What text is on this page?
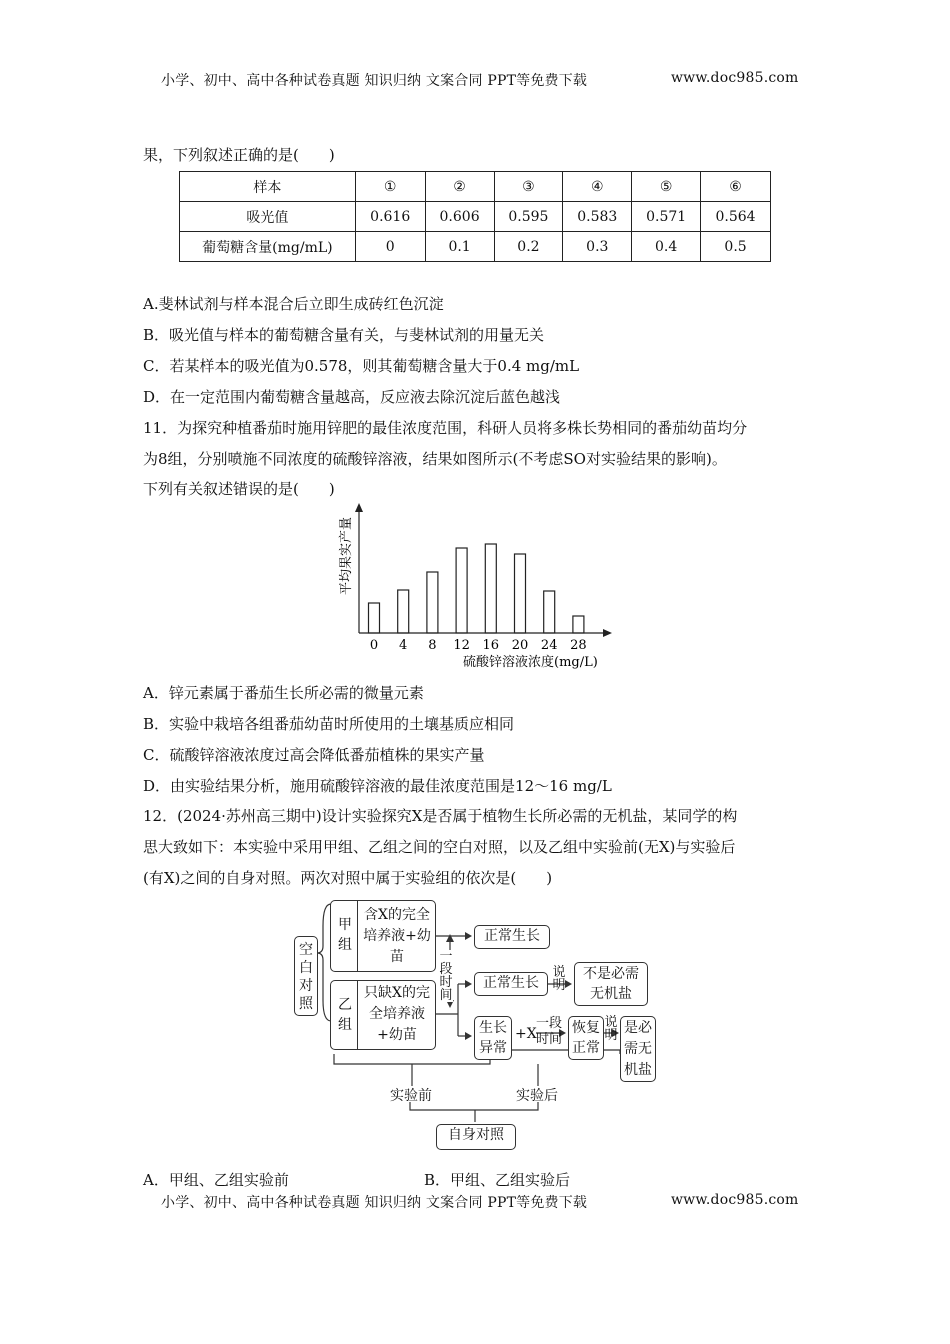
小学、初中、高中各种试卷真题 知识归纳 文案合同 PPT等免费下载	www.doc985.com
果，下列叙述正确的是(　　)
样本	①	②	③	④	⑤	⑥
吸光值	0.616	0.606	0.595	0.583	0.571	0.564
葡萄糖含量(mg/mL)	0	0.1	0.2	0.3	0.4	0.5
A.斐林试剂与样本混合后立即生成砖红色沉淀
B．吸光值与样本的葡萄糖含量有关，与斐林试剂的用量无关
C．若某样本的吸光值为0.578，则其葡萄糖含量大于0.4 mg/mL
D．在一定范围内葡萄糖含量越高，反应液去除沉淀后蓝色越浅
11．为探究种植番茄时施用锌肥的最佳浓度范围，科研人员将多株长势相同的番茄幼苗均分
为8组，分别喷施不同浓度的硫酸锌溶液，结果如图所示(不考虑SO对实验结果的影响)。
下列有关叙述错误的是(　　)
0 4 8 12 16 20 24 28
平均果实产量
硫酸锌溶液浓度(mg/L)
A．锌元素属于番茄生长所必需的微量元素
B．实验中栽培各组番茄幼苗时所使用的土壤基质应相同
C．硫酸锌溶液浓度过高会降低番茄植株的果实产量
D．由实验结果分析，施用硫酸锌溶液的最佳浓度范围是12～16 mg/L
12．(2024·苏州高三期中)设计实验探究X是否属于植物生长所必需的无机盐，某同学的构
思大致如下：本实验中采用甲组、乙组之间的空白对照，以及乙组中实验前(无X)与实验后
(有X)之间的自身对照。两次对照中属于实验组的依次是(　　)
空白对照
甲组
含X的完全培养液+幼苗
乙组
只缺X的完全培养液+幼苗
一段时间
正常生长
正常生长
说明
不是必需无机盐
生长异常
+X
一段时间
恢复正常
说明 是必需无机盐
实验前	实验后
自身对照
A．甲组、乙组实验前	B．甲组、乙组实验后
小学、初中、高中各种试卷真题 知识归纳 文案合同 PPT等免费下载	www.doc985.com
